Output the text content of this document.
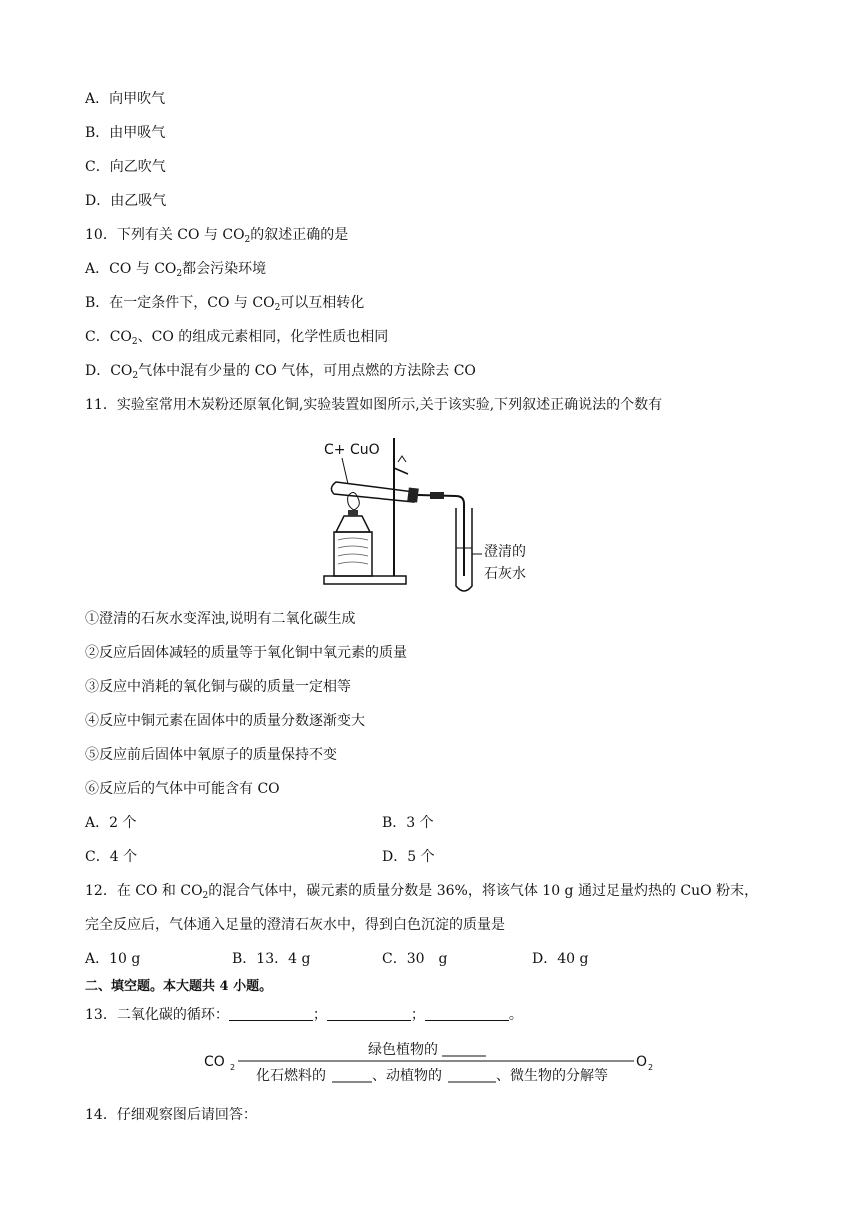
A．向甲吹气
B．由甲吸气
C．向乙吹气
D．由乙吸气
10．下列有关 CO 与 $CO_2$的叙述正确的是
A．CO 与 $CO_2$都会污染环境
B．在一定条件下，CO 与 $CO_2$可以互相转化
C．$CO_2$、CO 的组成元素相同，化学性质也相同
D．$CO_2$气体中混有少量的 CO 气体，可用点燃的方法除去 CO
11．实验室常用木炭粉还原氧化铜,实验装置如图所示,关于该实验,下列叙述正确说法的个数有
C+ CuO
澄清的
石灰水
①澄清的石灰水变浑浊,说明有二氧化碳生成
②反应后固体减轻的质量等于氧化铜中氧元素的质量
③反应中消耗的氧化铜与碳的质量一定相等
④反应中铜元素在固体中的质量分数逐渐变大
⑤反应前后固体中氧原子的质量保持不变
⑥反应后的气体中可能含有 CO
A．2 个	B．3 个
C．4 个	D．5 个
12．在 CO 和 $CO_2$的混合气体中，碳元素的质量分数是 36%，将该气体 10 g 通过足量灼热的 CuO 粉末，
完全反应后，气体通入足量的澄清石灰水中，得到白色沉淀的质量是
A．10 g	B．13．4 g	C．30　g	D．40 g
二、填空题。本大题共 4 小题。
13．二氧化碳的循环：	；	；	。
CO 2	O 2
绿色植物的
化石燃料的	、动植物的	、微生物的分解等
14．仔细观察图后请回答：
